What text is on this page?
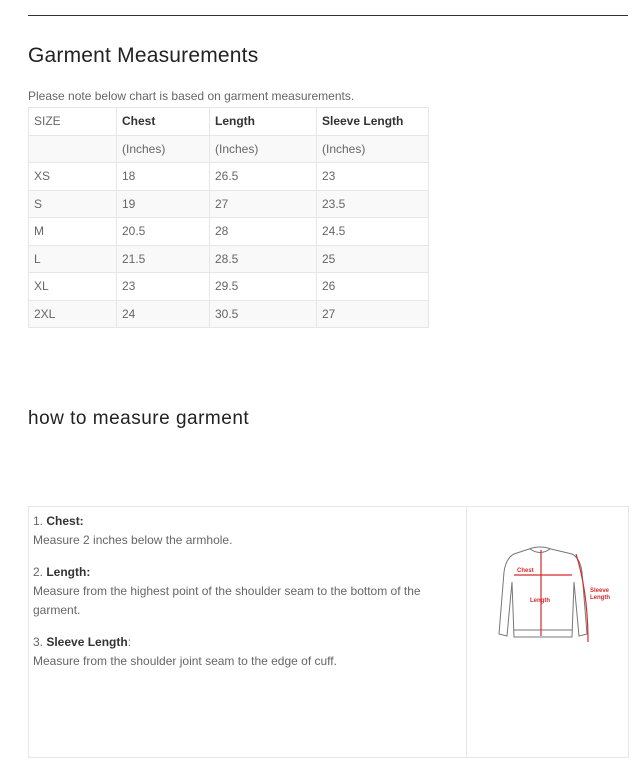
Garment Measurements
Please note below chart is based on garment measurements.
SIZE	Chest	Length	Sleeve Length
	(Inches)	(Inches)	(Inches)
XS	18	26.5	23
S	19	27	23.5
M	20.5	28	24.5
L	21.5	28.5	25
XL	23	29.5	26
2XL	24	30.5	27
how to measure garment

1. Chest:
Measure 2 inches below the armhole.

2. Length:
Measure from the highest point of the shoulder seam to the bottom of the garment.

3. Sleeve Length:
Measure from the shoulder joint seam to the edge of cuff.

Chest
Length
Sleeve
Length
